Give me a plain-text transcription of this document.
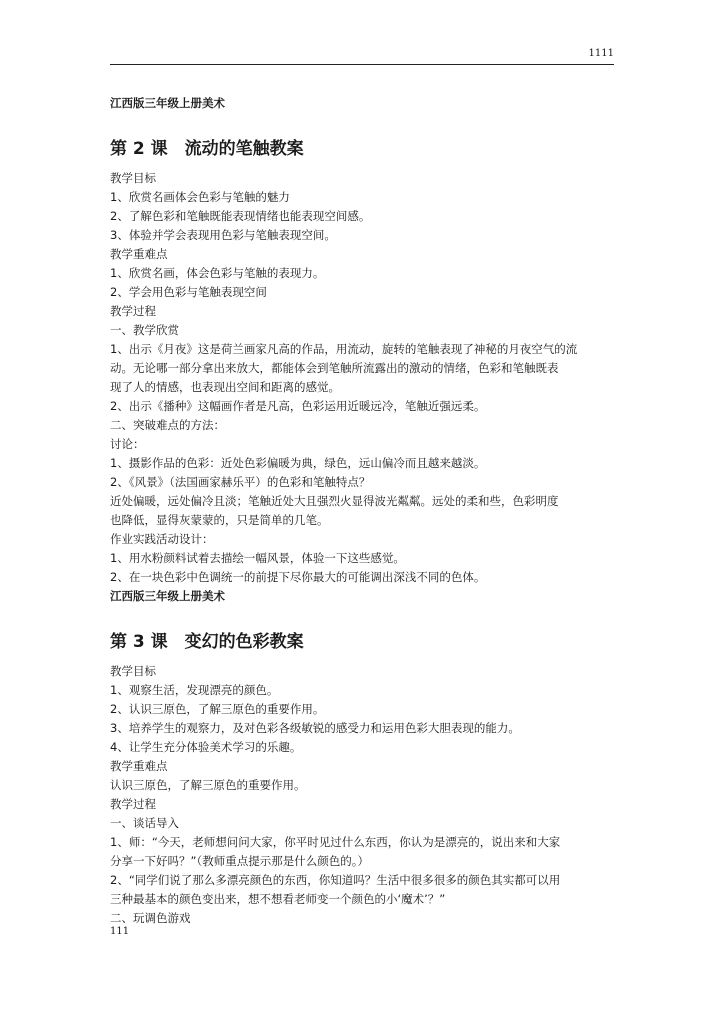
1111
江西版三年级上册美术
第 2 课　流动的笔触教案
教学目标
1、欣赏名画体会色彩与笔触的魅力
2、了解色彩和笔触既能表现情绪也能表现空间感。
3、体验并学会表现用色彩与笔触表现空间。
教学重难点
1、欣赏名画，体会色彩与笔触的表现力。
2、学会用色彩与笔触表现空间
教学过程
一、教学欣赏
1、出示《月夜》这是荷兰画家凡高的作品，用流动，旋转的笔触表现了神秘的月夜空气的流
动。无论哪一部分拿出来放大，都能体会到笔触所流露出的激动的情绪，色彩和笔触既表
现了人的情感，也表现出空间和距离的感觉。
2、出示《播种》这幅画作者是凡高，色彩运用近暖远冷，笔触近强远柔。
二、突破难点的方法：
讨论：
1、摄影作品的色彩：近处色彩偏暖为典，绿色，远山偏冷而且越来越淡。
2、《风景》（法国画家赫乐平）的色彩和笔触特点？
近处偏暖，远处偏冷且淡；笔触近处大且强烈火显得波光粼粼。远处的柔和些，色彩明度
也降低，显得灰蒙蒙的，只是简单的几笔。
作业实践活动设计：
1、用水粉颜料试着去描绘一幅风景，体验一下这些感觉。
2、在一块色彩中色调统一的前提下尽你最大的可能调出深浅不同的色体。
江西版三年级上册美术
第 3 课　变幻的色彩教案
教学目标
1、观察生活，发现漂亮的颜色。
2、认识三原色，了解三原色的重要作用。
3、培养学生的观察力，及对色彩各级敏锐的感受力和运用色彩大胆表现的能力。
4、让学生充分体验美术学习的乐趣。
教学重难点
认识三原色，了解三原色的重要作用。
教学过程
一、谈话导入
1、师：“今天，老师想问问大家，你平时见过什么东西，你认为是漂亮的，说出来和大家
分享一下好吗？”（教师重点提示那是什么颜色的。）
2、“同学们说了那么多漂亮颜色的东西，你知道吗？生活中很多很多的颜色其实都可以用
三种最基本的颜色变出来，想不想看老师变一个颜色的小‘魔术’？”
二、玩调色游戏
111
